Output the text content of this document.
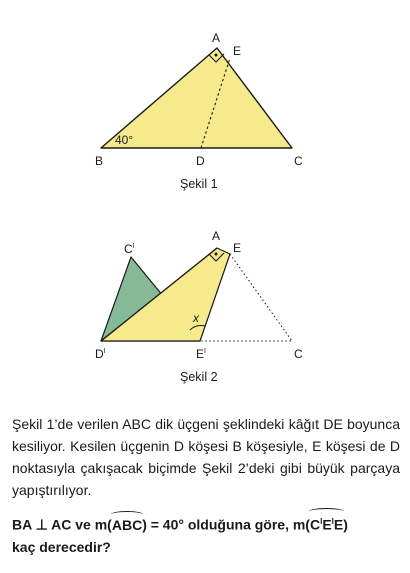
40°
A
E
B	D	C
Şekil 1
x
A
E
$C^I$
$D^I$	$E^I$	C
Şekil 2

Şekil 1’de verilen ABC dik üçgeni şeklindeki kâğıt DE boyunca kesiliyor. Kesilen üçgenin D köşesi B köşesiyle, E köşesi de D noktasıyla çakışacak biçimde Şekil 2’deki gibi büyük parçaya yapıştırılıyor.

BA ⊥ AC ve m(ABC) = 40° olduğuna göre, $m(C^IE^IE)$
kaç derecedir?
